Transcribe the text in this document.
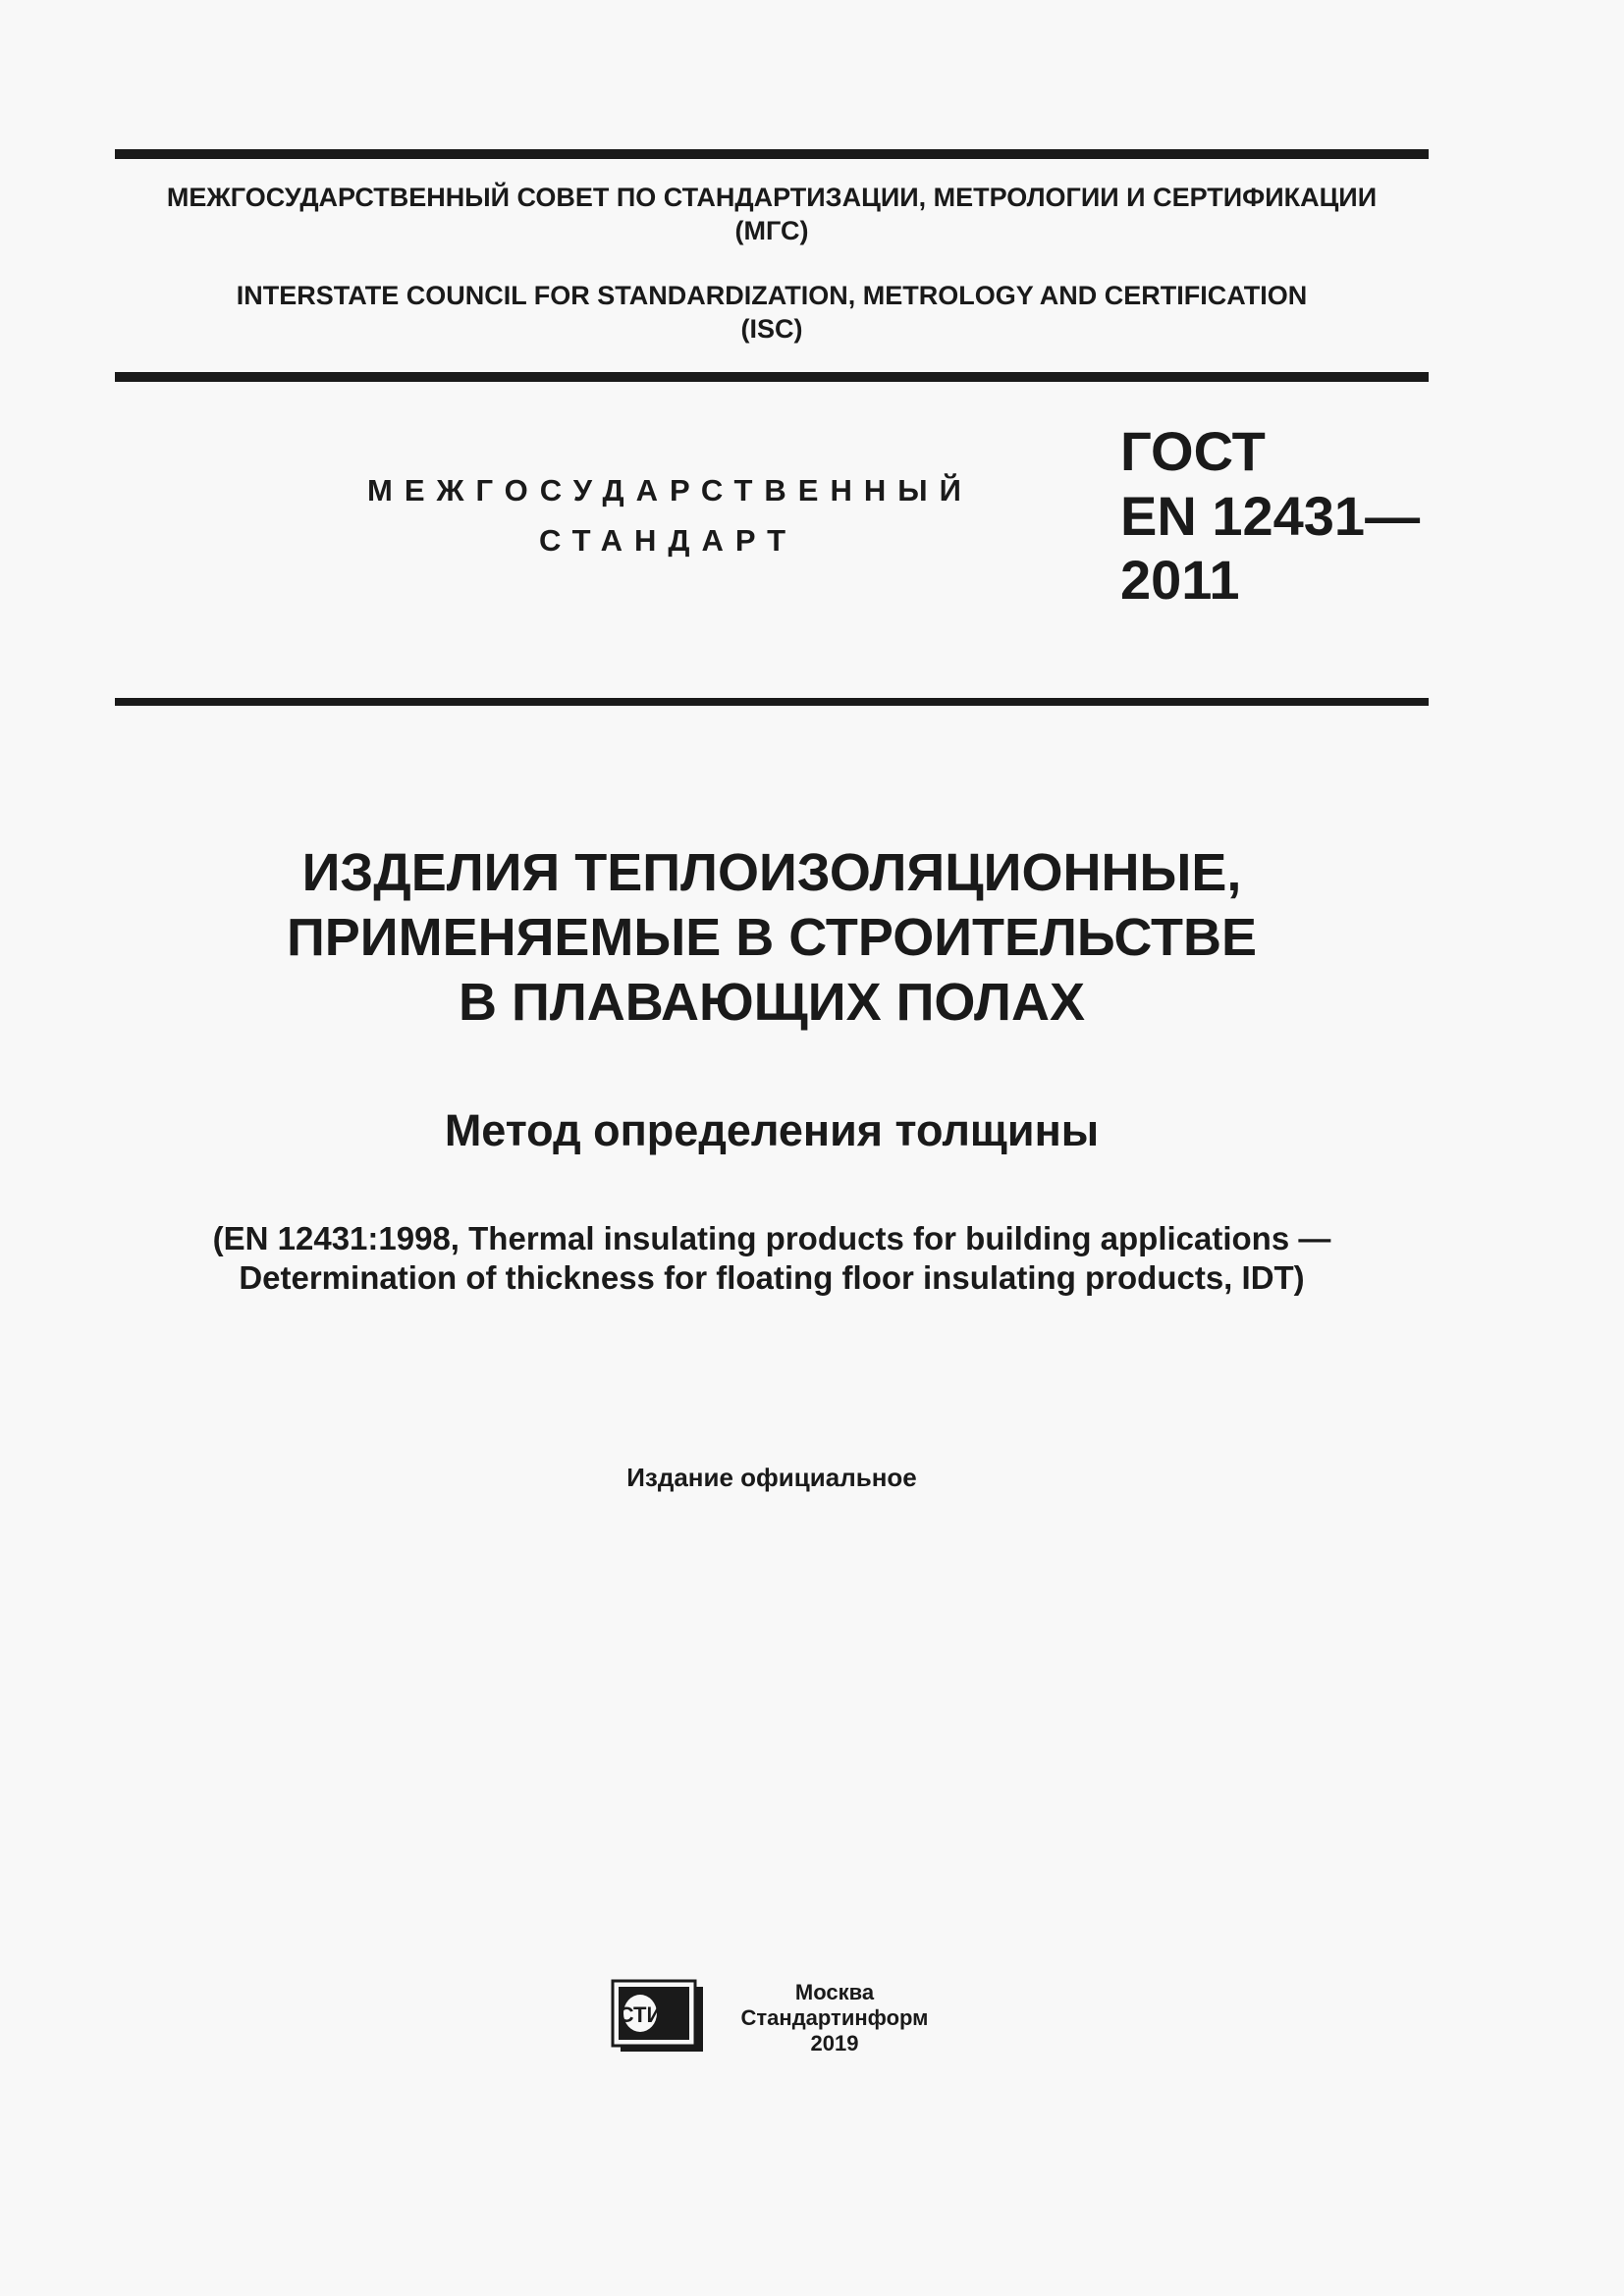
МЕЖГОСУДАРСТВЕННЫЙ СОВЕТ ПО СТАНДАРТИЗАЦИИ, МЕТРОЛОГИИ И СЕРТИФИКАЦИИ
(МГС)
INTERSTATE COUNCIL FOR STANDARDIZATION, METROLOGY AND CERTIFICATION
(ISC)
МЕЖГОСУДАРСТВЕННЫЙ
СТАНДАРТ
ГОСТ
EN 12431—
2011
ИЗДЕЛИЯ ТЕПЛОИЗОЛЯЦИОННЫЕ,
ПРИМЕНЯЕМЫЕ В СТРОИТЕЛЬСТВЕ
В ПЛАВАЮЩИХ ПОЛАХ
Метод определения толщины
(EN 12431:1998, Thermal insulating products for building applications —
Determination of thickness for floating floor insulating products, IDT)
Издание официальное
СТИ
Москва
Стандартинформ
2019
